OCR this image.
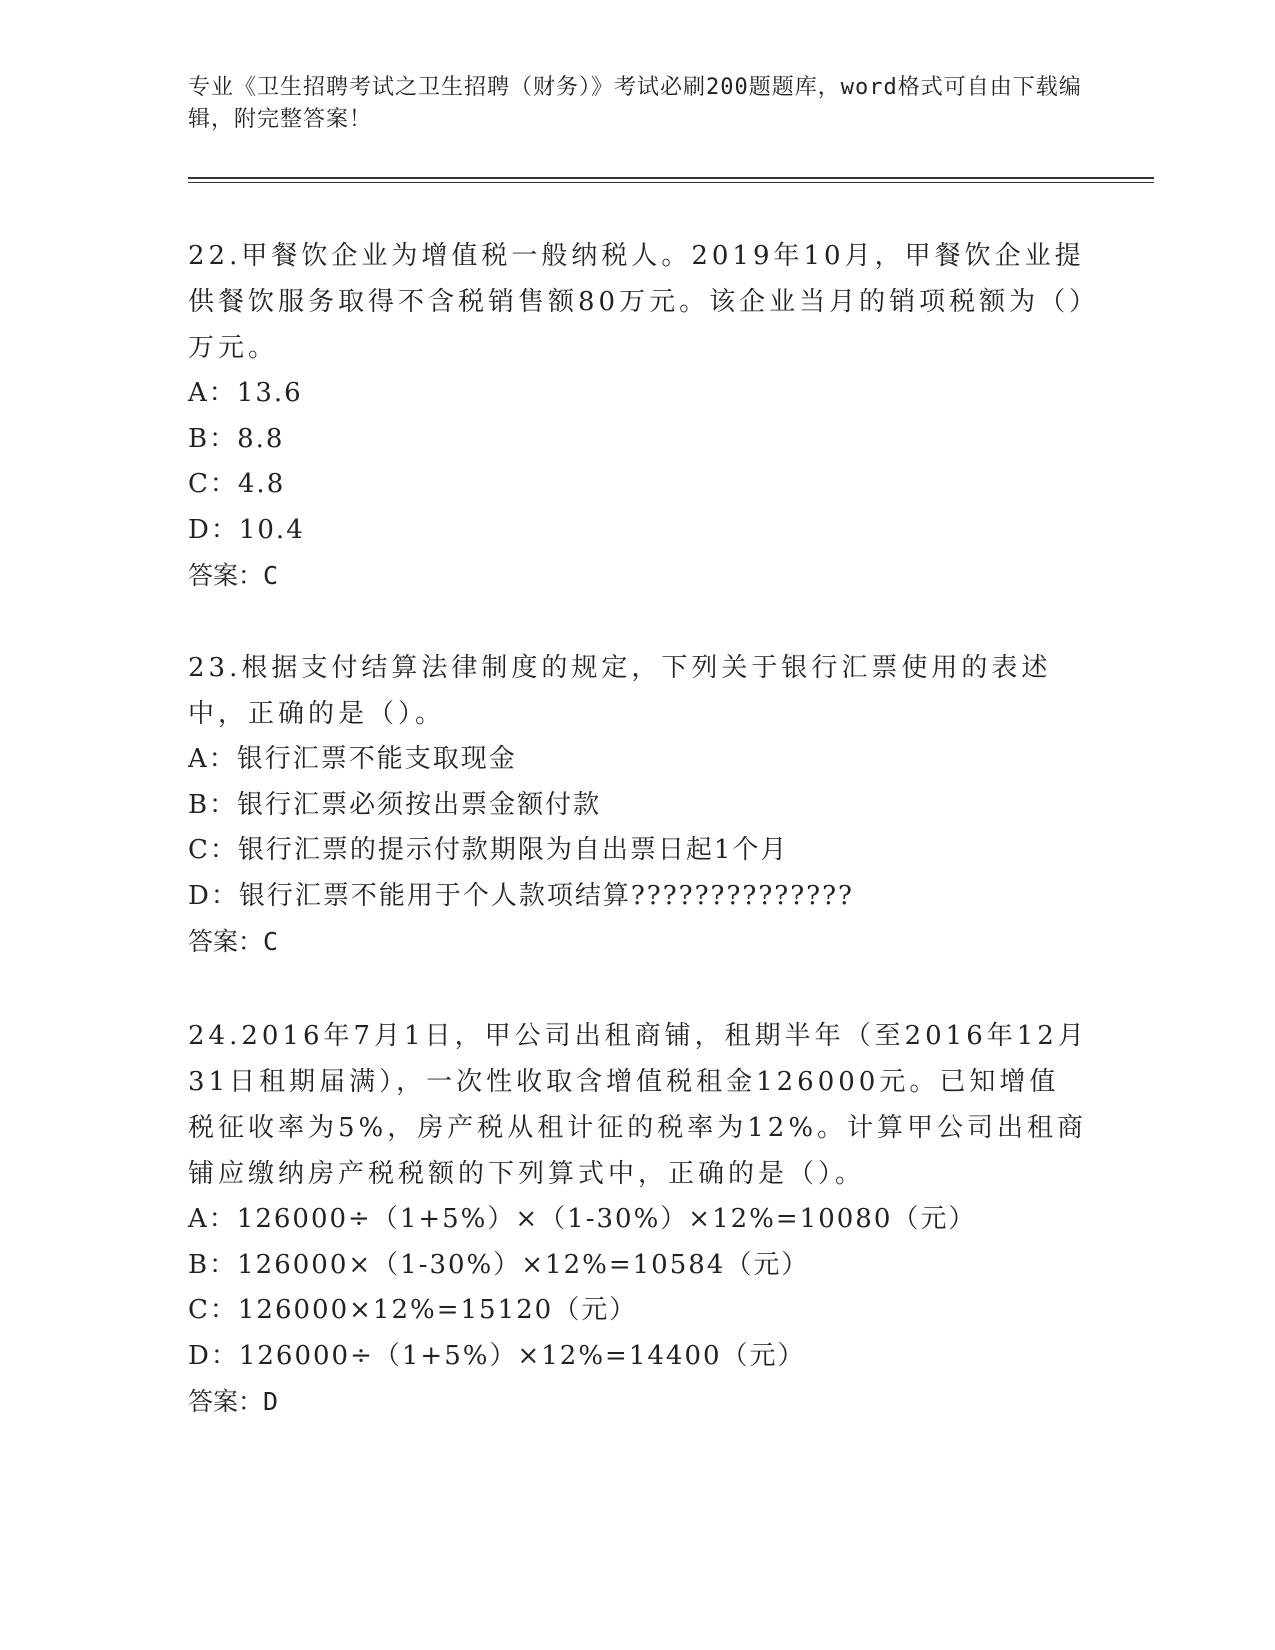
专业《卫生招聘考试之卫生招聘（财务）》考试必刷200题题库，word格式可自由下载编辑，附完整答案！

22.甲餐饮企业为增值税一般纳税人。2019年10月，甲餐饮企业提供餐饮服务取得不含税销售额80万元。该企业当月的销项税额为（）万元。

A：13.6

B：8.8

C：4.8

D：10.4

答案：C

23.根据支付结算法律制度的规定，下列关于银行汇票使用的表述中，正确的是（）。

A：银行汇票不能支取现金

B：银行汇票必须按出票金额付款

C：银行汇票的提示付款期限为自出票日起1个月

D：银行汇票不能用于个人款项结算??????????????

答案：C

24.2016年7月1日，甲公司出租商铺，租期半年（至2016年12月31日租期届满），一次性收取含增值税租金126000元。已知增值税征收率为5%，房产税从租计征的税率为12%。计算甲公司出租商铺应缴纳房产税税额的下列算式中，正确的是（）。

A：126000÷（1+5%）×（1-30%）×12%=10080（元）

B：126000×（1-30%）×12%=10584（元）

C：126000×12%=15120（元）

D：126000÷（1+5%）×12%=14400（元）

答案：D
